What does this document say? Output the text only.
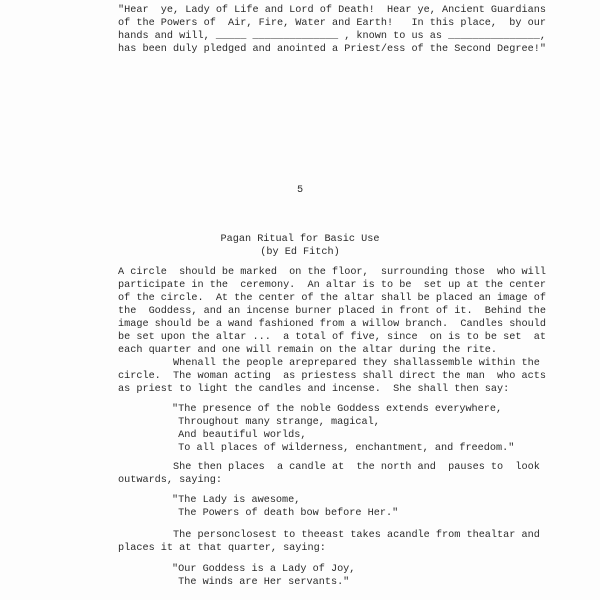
"Hear  ye, Lady of Life and Lord of Death!  Hear ye, Ancient Guardians
of the Powers of  Air, Fire, Water and Earth!   In this place,  by our
hands and will, _____ ______________ , known to us as _______________,
has been duly pledged and anointed a Priest/ess of the Second Degree!"
5
Pagan Ritual for Basic Use
(by Ed Fitch)
A circle  should be marked  on the floor,  surrounding those  who will
participate in the  ceremony.  An altar is to be  set up at the center
of the circle.  At the center of the altar shall be placed an image of
the  Goddess, and an incense burner placed in front of it.  Behind the
image should be a wand fashioned from a willow branch.  Candles should
be set upon the altar ...  a total of five, since  on is to be set  at
each quarter and one will remain on the altar during the rite.
Whenall the people areprepared they shallassemble within the
circle.  The woman acting  as priestess shall direct the man  who acts
as priest to light the candles and incense.  She shall then say:
"The presence of the noble Goddess extends everywhere,
Throughout many strange, magical,
And beautiful worlds,
To all places of wilderness, enchantment, and freedom."
She then places  a candle at  the north and  pauses to  look
outwards, saying:
"The Lady is awesome,
The Powers of death bow before Her."
The personclosest to theeast takes acandle from thealtar and
places it at that quarter, saying:
"Our Goddess is a Lady of Joy,
The winds are Her servants."
